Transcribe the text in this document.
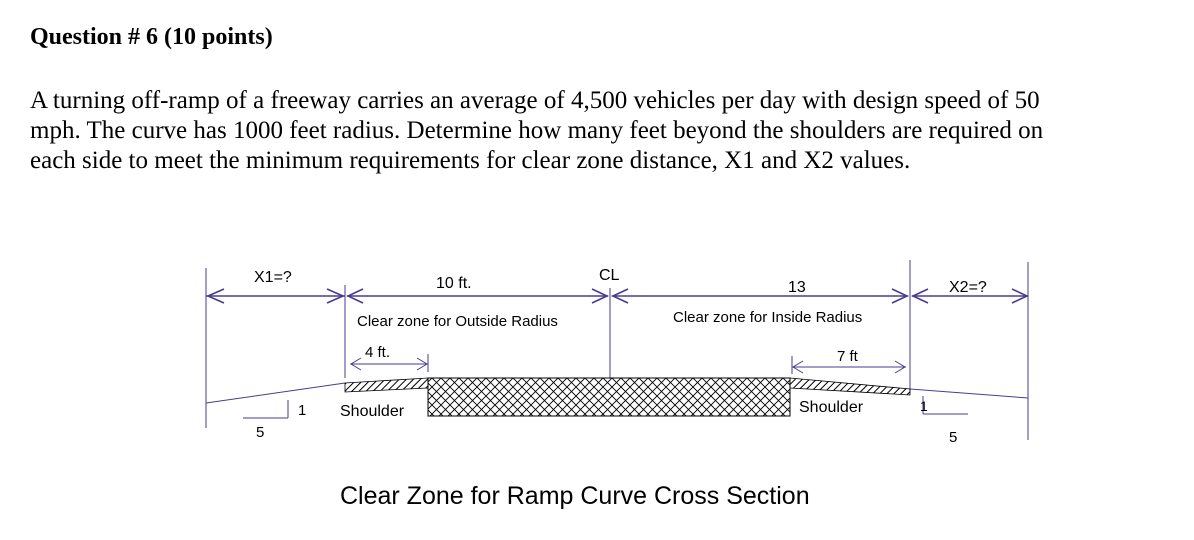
Question # 6 (10 points)
A turning off-ramp of a freeway carries an average of 4,500 vehicles per day with design speed of 50
mph. The curve has 1000 feet radius. Determine how many feet beyond the shoulders are required on
each side to meet the minimum requirements for clear zone distance, X1 and X2 values.
X1=?	10 ft.	CL
13	X2=?
Clear zone for Outside Radius	Clear zone for Inside Radius
4 ft.	7 ft
1
5
Shoulder	Shoulder	1
5
Clear Zone for Ramp Curve Cross Section
